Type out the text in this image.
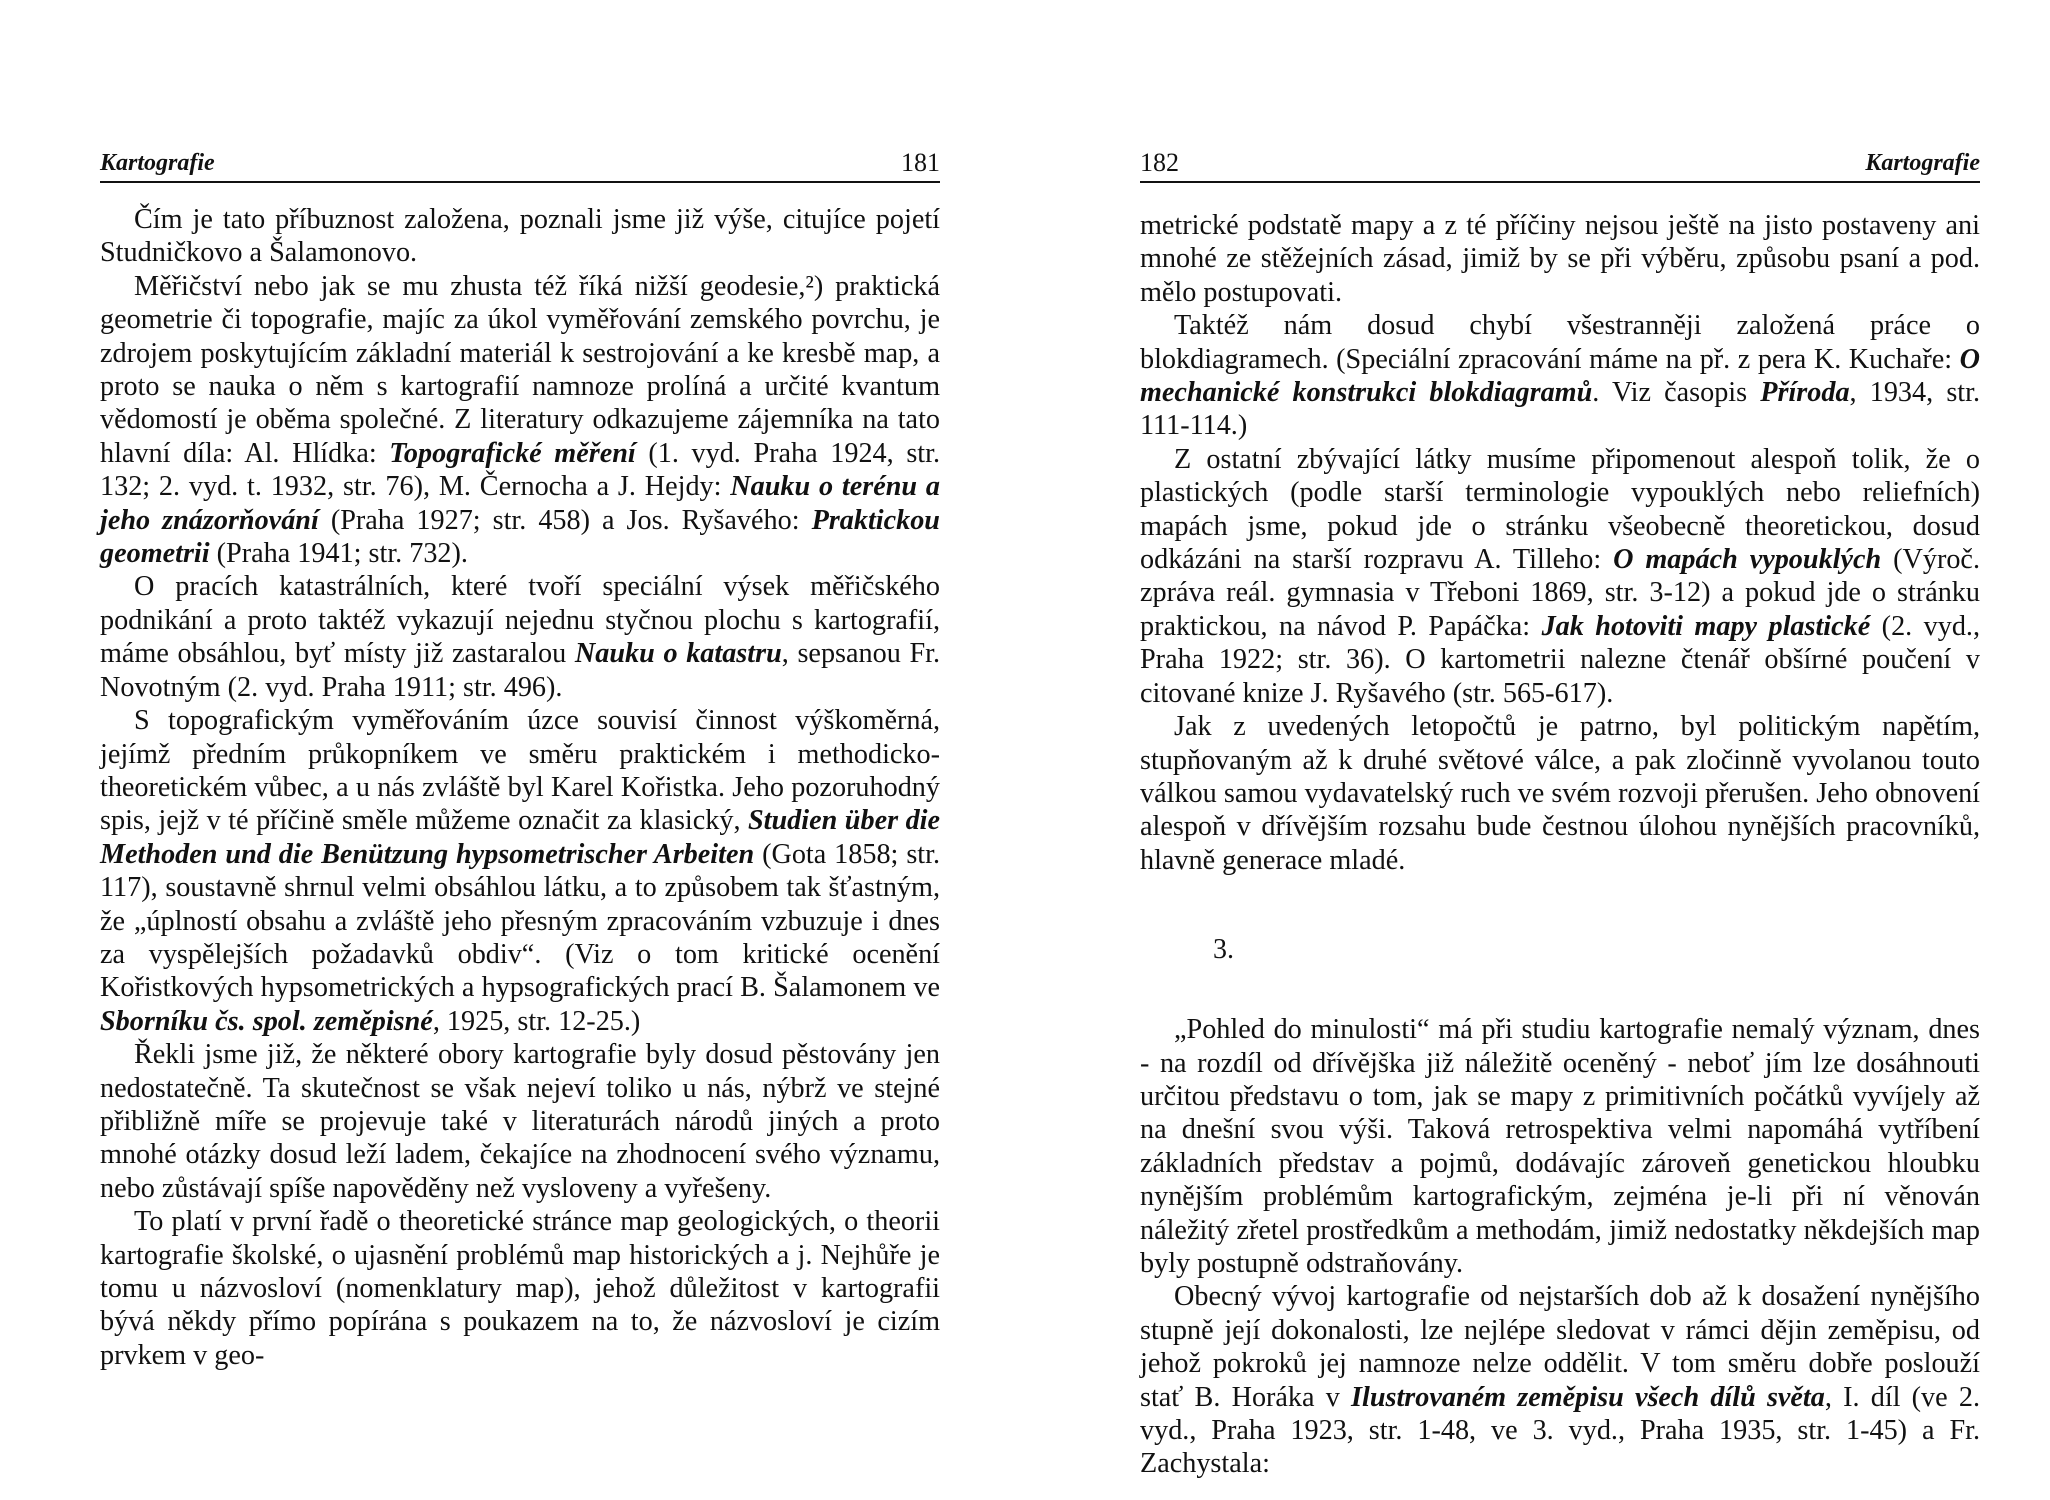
Kartografie	181

Čím je tato příbuznost založena, poznali jsme již výše, citujíce pojetí Studničkovo a Šalamonovo.

Měřičství nebo jak se mu zhusta též říká nižší geodesie,²) praktická geometrie či topografie, majíc za úkol vyměřování zemského povrchu, je zdrojem poskytujícím základní materiál k sestrojování a ke kresbě map, a proto se nauka o něm s kartografií namnoze prolíná a určité kvantum vědomostí je oběma společné. Z literatury odkazujeme zájemníka na tato hlavní díla: Al. Hlídka: Topografické měření (1. vyd. Praha 1924, str. 132; 2. vyd. t. 1932, str. 76), M. Černocha a J. Hejdy: Nauku o terénu a jeho znázorňování (Praha 1927; str. 458) a Jos. Ryšavého: Praktickou geometrii (Praha 1941; str. 732).

O pracích katastrálních, které tvoří speciální výsek měřičského podnikání a proto taktéž vykazují nejednu styčnou plochu s kartografií, máme obsáhlou, byť místy již zastaralou Nauku o katastru, sepsanou Fr. Novotným (2. vyd. Praha 1911; str. 496).

S topografickým vyměřováním úzce souvisí činnost výškoměrná, jejímž předním průkopníkem ve směru praktickém i methodicko-theoretickém vůbec, a u nás zvláště byl Karel Kořistka. Jeho pozoruhodný spis, jejž v té příčině směle můžeme označit za klasický, Studien über die Methoden und die Benützung hypsometrischer Arbeiten (Gota 1858; str. 117), soustavně shrnul velmi obsáhlou látku, a to způsobem tak šťastným, že „úplností obsahu a zvláště jeho přesným zpracováním vzbuzuje i dnes za vyspělejších požadavků obdiv“. (Viz o tom kritické ocenění Kořistkových hypsometrických a hypsografických prací B. Šalamonem ve Sborníku čs. spol. zeměpisné, 1925, str. 12-25.)

Řekli jsme již, že některé obory kartografie byly dosud pěstovány jen nedostatečně. Ta skutečnost se však nejeví toliko u nás, nýbrž ve stejné přibližně míře se projevuje také v literaturách národů jiných a proto mnohé otázky dosud leží ladem, čekajíce na zhodnocení svého významu, nebo zůstávají spíše napověděny než vysloveny a vyřešeny.

To platí v první řadě o theoretické stránce map geologických, o theorii kartografie školské, o ujasnění problémů map historických a j. Nejhůře je tomu u názvosloví (nomenklatury map), jehož důležitost v kartografii bývá někdy přímo popírána s poukazem na to, že názvosloví je cizím prvkem v geo-

182	Kartografie

metrické podstatě mapy a z té příčiny nejsou ještě na jisto postaveny ani mnohé ze stěžejních zásad, jimiž by se při výběru, způsobu psaní a pod. mělo postupovati.

Taktéž nám dosud chybí všestranněji založená práce o blokdiagramech. (Speciální zpracování máme na př. z pera K. Kuchaře: O mechanické konstrukci blokdiagramů. Viz časopis Příroda, 1934, str. 111-114.)

Z ostatní zbývající látky musíme připomenout alespoň tolik, že o plastických (podle starší terminologie vypouklých nebo reliefních) mapách jsme, pokud jde o stránku všeobecně theoretickou, dosud odkázáni na starší rozpravu A. Tilleho: O mapách vypouklých (Výroč. zpráva reál. gymnasia v Třeboni 1869, str. 3-12) a pokud jde o stránku praktickou, na návod P. Papáčka: Jak hotoviti mapy plastické (2. vyd., Praha 1922; str. 36). O kartometrii nalezne čtenář obšírné poučení v citované knize J. Ryšavého (str. 565-617).

Jak z uvedených letopočtů je patrno, byl politickým napětím, stupňovaným až k druhé světové válce, a pak zločinně vyvolanou touto válkou samou vydavatelský ruch ve svém rozvoji přerušen. Jeho obnovení alespoň v dřívějším rozsahu bude čestnou úlohou nynějších pracovníků, hlavně generace mladé.

3.

„Pohled do minulosti“ má při studiu kartografie nemalý význam, dnes - na rozdíl od dřívějška již náležitě oceněný - neboť jím lze dosáhnouti určitou představu o tom, jak se mapy z primitivních počátků vyvíjely až na dnešní svou výši. Taková retrospektiva velmi napomáhá vytříbení základních představ a pojmů, dodávajíc zároveň genetickou hloubku nynějším problémům kartografickým, zejména je-li při ní věnován náležitý zřetel prostředkům a methodám, jimiž nedostatky někdejších map byly postupně odstraňovány.

Obecný vývoj kartografie od nejstarších dob až k dosažení nynějšího stupně její dokonalosti, lze nejlépe sledovat v rámci dějin zeměpisu, od jehož pokroků jej namnoze nelze oddělit. V tom směru dobře poslouží stať B. Horáka v Ilustrovaném zeměpisu všech dílů světa, I. díl (ve 2. vyd., Praha 1923, str. 1-48, ve 3. vyd., Praha 1935, str. 1-45) a Fr. Zachystala:
